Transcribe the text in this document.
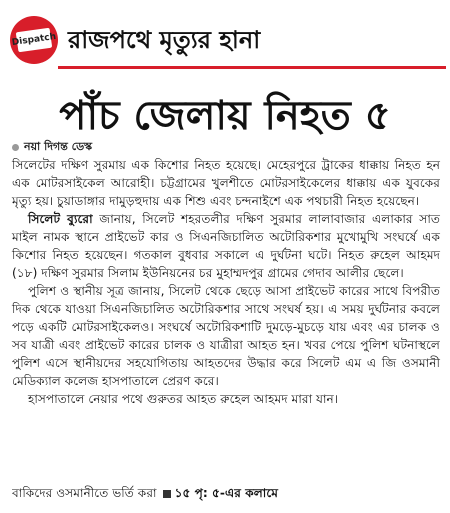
Dispatch রাজপথে মৃত্যুর হানা
পাঁচ জেলায় নিহত ৫
নয়া দিগন্ত ডেস্ক

সিলেটের দক্ষিণ সুরমায় এক কিশোর নিহত হয়েছে। মেহেরপুরে ট্রাকের ধাক্কায় নিহত হন এক মোটরসাইকেল আরোহী। চট্টগ্রামের খুলশীতে মোটরসাইকেলের ধাক্কায় এক যুবকের মৃত্যু হয়। চুয়াডাঙ্গার দামুড়হুদায় এক শিশু এবং চন্দনাইশে এক পথচারী নিহত হয়েছেন।

সিলেট ব্যুরো জানায়, সিলেট শহরতলীর দক্ষিণ সুরমার লালাবাজার এলাকার সাত মাইল নামক স্থানে প্রাইভেট কার ও সিএনজিচালিত অটোরিকশার মুখোমুখি সংঘর্ষে এক কিশোর নিহত হয়েছেন। গতকাল বুধবার সকালে এ দুর্ঘটনা ঘটে। নিহত রুহেল আহমদ (১৮) দক্ষিণ সুরমার সিলাম ইউনিয়নের চর মুহাম্মদপুর গ্রামের গেদাব আলীর ছেলে।

পুলিশ ও স্থানীয় সূত্র জানায়, সিলেট থেকে ছেড়ে আসা প্রাইভেট কারের সাথে বিপরীত দিক থেকে যাওয়া সিএনজিচালিত অটোরিকশার সাথে সংঘর্ষ হয়। এ সময় দুর্ঘটনার কবলে পড়ে একটি মোটরসাইকেলও। সংঘর্ষে অটোরিকশাটি দুমড়ে-মুচড়ে যায় এবং এর চালক ও সব যাত্রী এবং প্রাইভেট কারের চালক ও যাত্রীরা আহত হন। খবর পেয়ে পুলিশ ঘটনাস্থলে পুলিশ এসে স্থানীয়দের সহযোগিতায় আহতদের উদ্ধার করে সিলেট এম এ জি ওসমানী মেডিক্যাল কলেজ হাসপাতালে প্রেরণ করে।

হাসপাতালে নেয়ার পথে গুরুতর আহত রুহেল আহমদ মারা যান।

বাকিদের ওসমানীতে ভর্তি করা ১৫ পৃ: ৫-এর কলামে
